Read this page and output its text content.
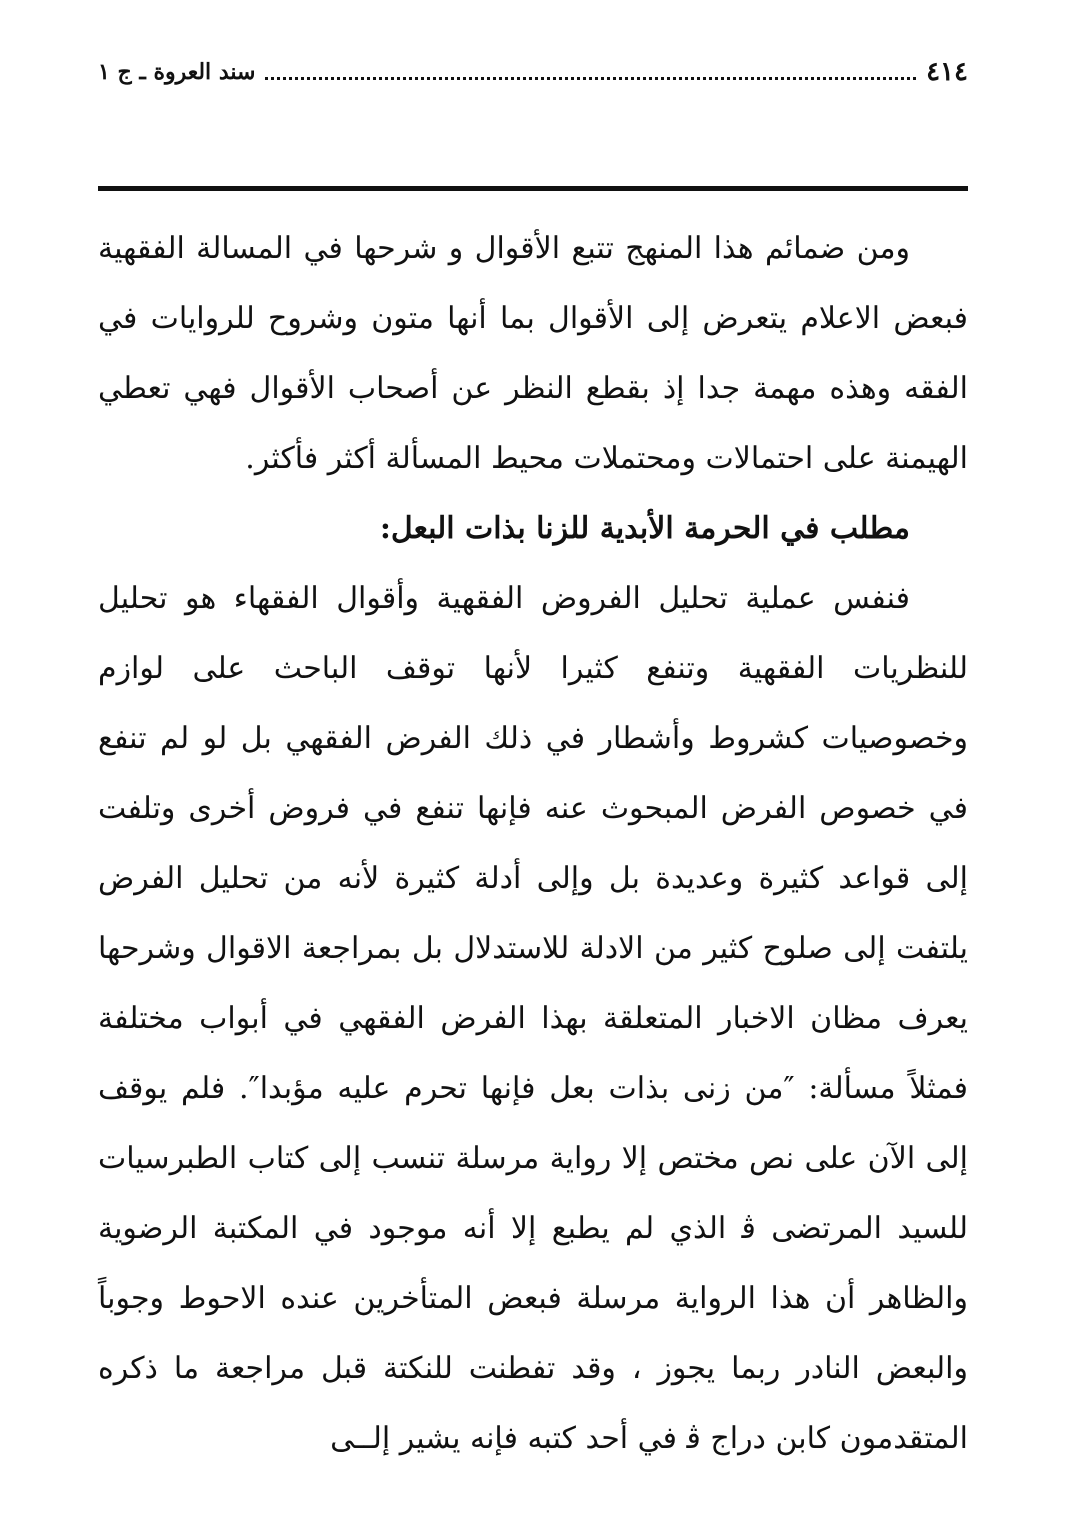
٤١٤
سند العروة ـ ج ١

ومن ضمائم هذا المنهج تتبع الأقوال و شرحها في المسالة الفقهية فبعض الاعلام يتعرض إلى الأقوال بما أنها متون وشروح للروايات في الفقه وهذه مهمة جدا إذ بقطع النظر عن أصحاب الأقوال فهي تعطي الهيمنة على احتمالات ومحتملات محيط المسألة أكثر فأكثر.

مطلب في الحرمة الأبدية للزنا بذات البعل:

فنفس عملية تحليل الفروض الفقهية وأقوال الفقهاء هو تحليل للنظريات الفقهية وتنفع كثيرا لأنها توقف الباحث على لوازم وخصوصيات كشروط وأشطار في ذلك الفرض الفقهي بل لو لم تنفع في خصوص الفرض المبحوث عنه فإنها تنفع في فروض أخرى وتلفت إلى قواعد كثيرة وعديدة بل وإلى أدلة كثيرة لأنه من تحليل الفرض يلتفت إلى صلوح كثير من الادلة للاستدلال بل بمراجعة الاقوال وشرحها يعرف مظان الاخبار المتعلقة بهذا الفرض الفقهي في أبواب مختلفة فمثلاً مسألة: ″من زنى بذات بعل فإنها تحرم عليه مؤبدا″. فلم يوقف إلى الآن على نص مختص إلا رواية مرسلة تنسب إلى كتاب الطبرسيات للسيد المرتضى ﭬ الذي لم يطبع إلا أنه موجود في المكتبة الرضوية والظاهر أن هذا الرواية مرسلة فبعض المتأخرين عنده الاحوط وجوباً والبعض النادر ربما يجوز ، وقد تفطنت للنكتة قبل مراجعة ما ذكره المتقدمون كابن دراج ﭬ في أحد كتبه فإنه يشير إلــى
